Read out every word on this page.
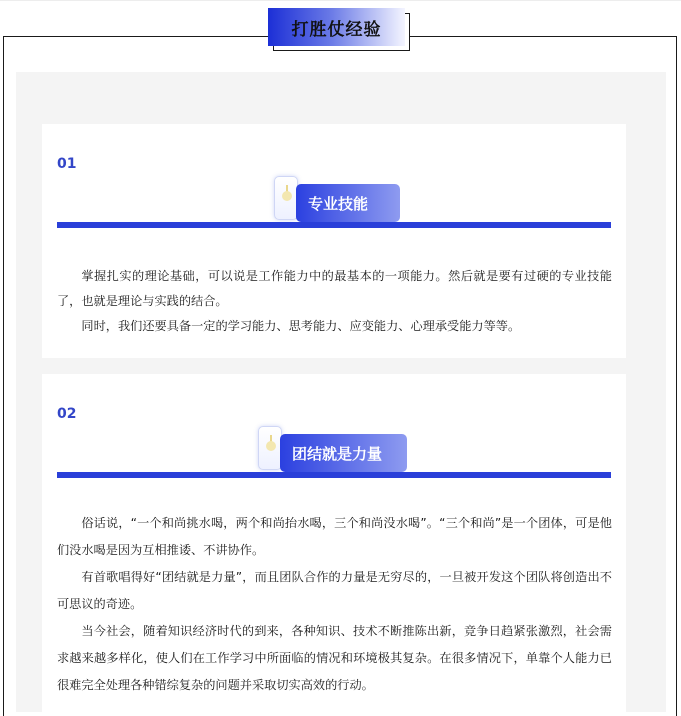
打胜仗经验
01
专业技能

掌握扎实的理论基础，可以说是工作能力中的最基本的一项能力。然后就是要有过硬的专业技能了，也就是理论与实践的结合。

同时，我们还要具备一定的学习能力、思考能力、应变能力、心理承受能力等等。

02
团结就是力量

俗话说，“一个和尚挑水喝，两个和尚抬水喝，三个和尚没水喝”。“三个和尚”是一个团体，可是他们没水喝是因为互相推诿、不讲协作。

有首歌唱得好“团结就是力量”，而且团队合作的力量是无穷尽的，一旦被开发这个团队将创造出不可思议的奇迹。

当今社会，随着知识经济时代的到来，各种知识、技术不断推陈出新，竞争日趋紧张激烈，社会需求越来越多样化，使人们在工作学习中所面临的情况和环境极其复杂。在很多情况下，单靠个人能力已很难完全处理各种错综复杂的问题并采取切实高效的行动。
